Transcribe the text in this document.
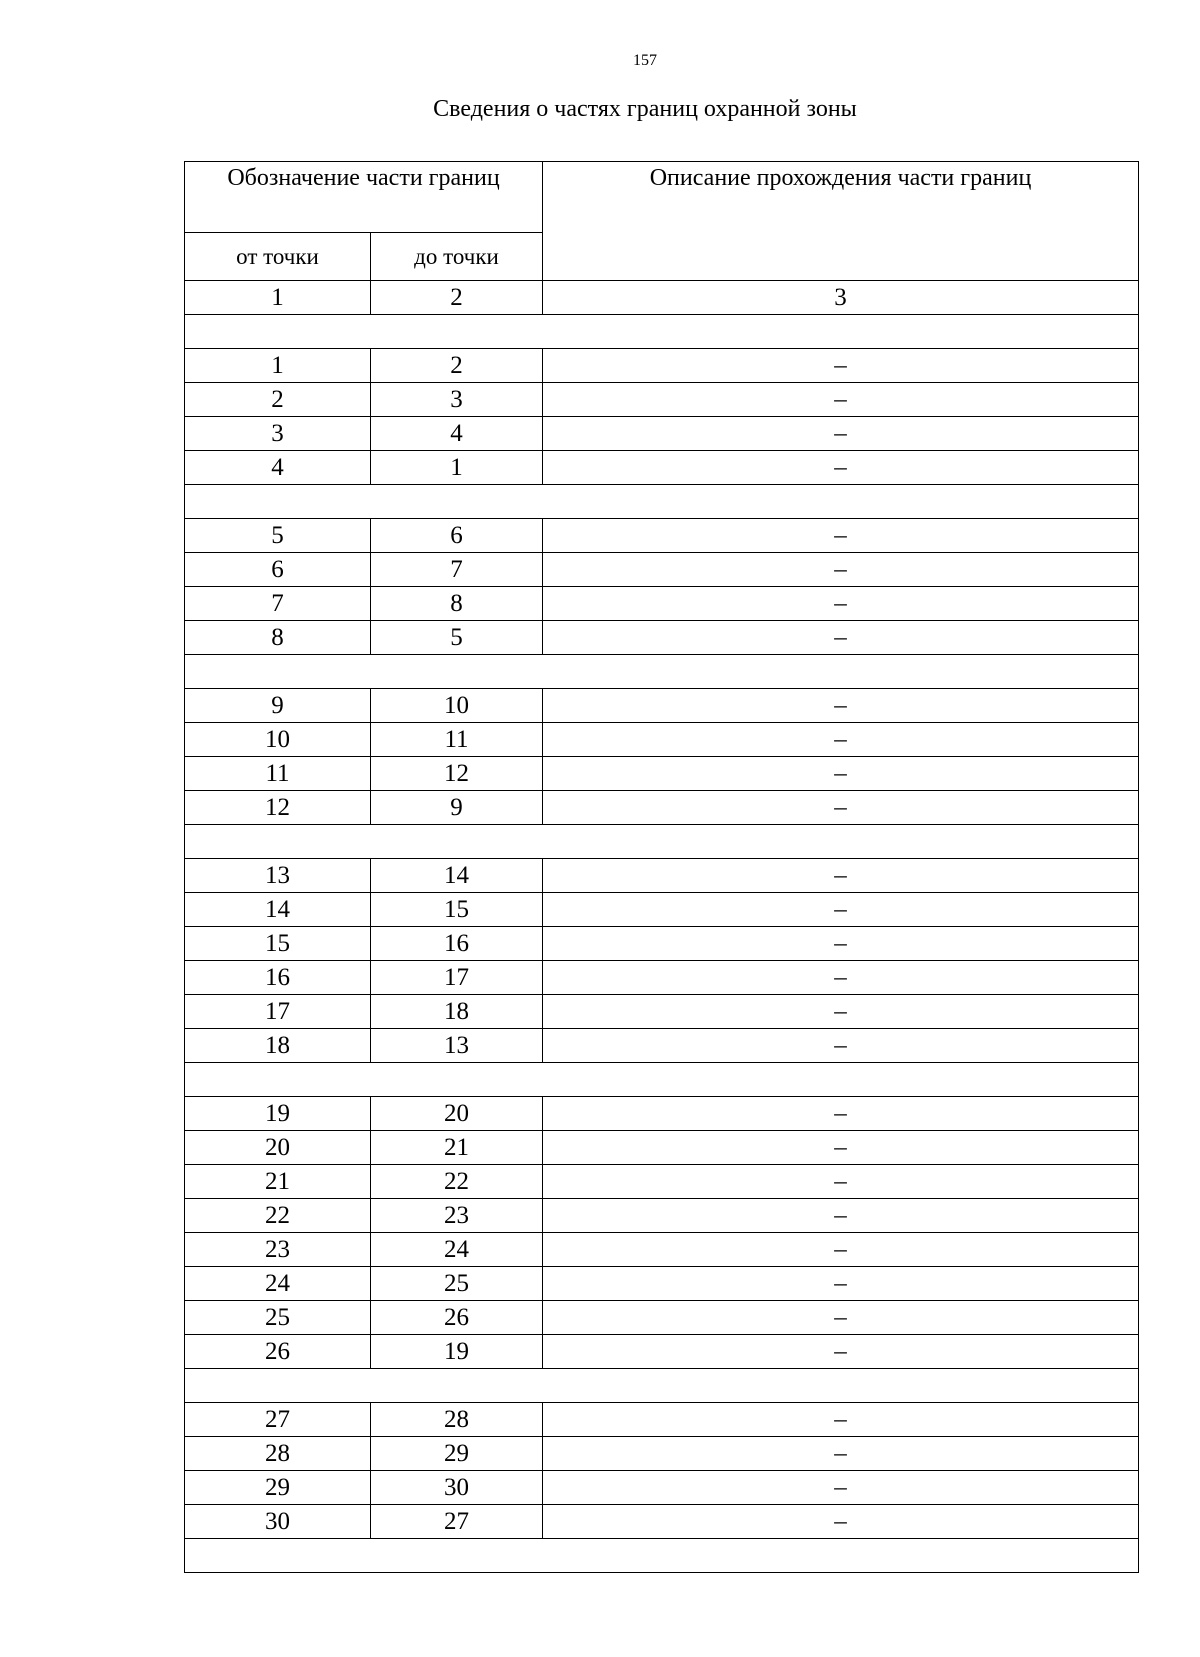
157
Сведения о частях границ охранной зоны
Обозначение части границ		Описание прохождения части границ
от точки	до точки	
1	2	3

1	2	–
2	3	–
3	4	–
4	1	–

5	6	–
6	7	–
7	8	–
8	5	–

9	10	–
10	11	–
11	12	–
12	9	–

13	14	–
14	15	–
15	16	–
16	17	–
17	18	–
18	13	–

19	20	–
20	21	–
21	22	–
22	23	–
23	24	–
24	25	–
25	26	–
26	19	–

27	28	–
28	29	–
29	30	–
30	27	–
